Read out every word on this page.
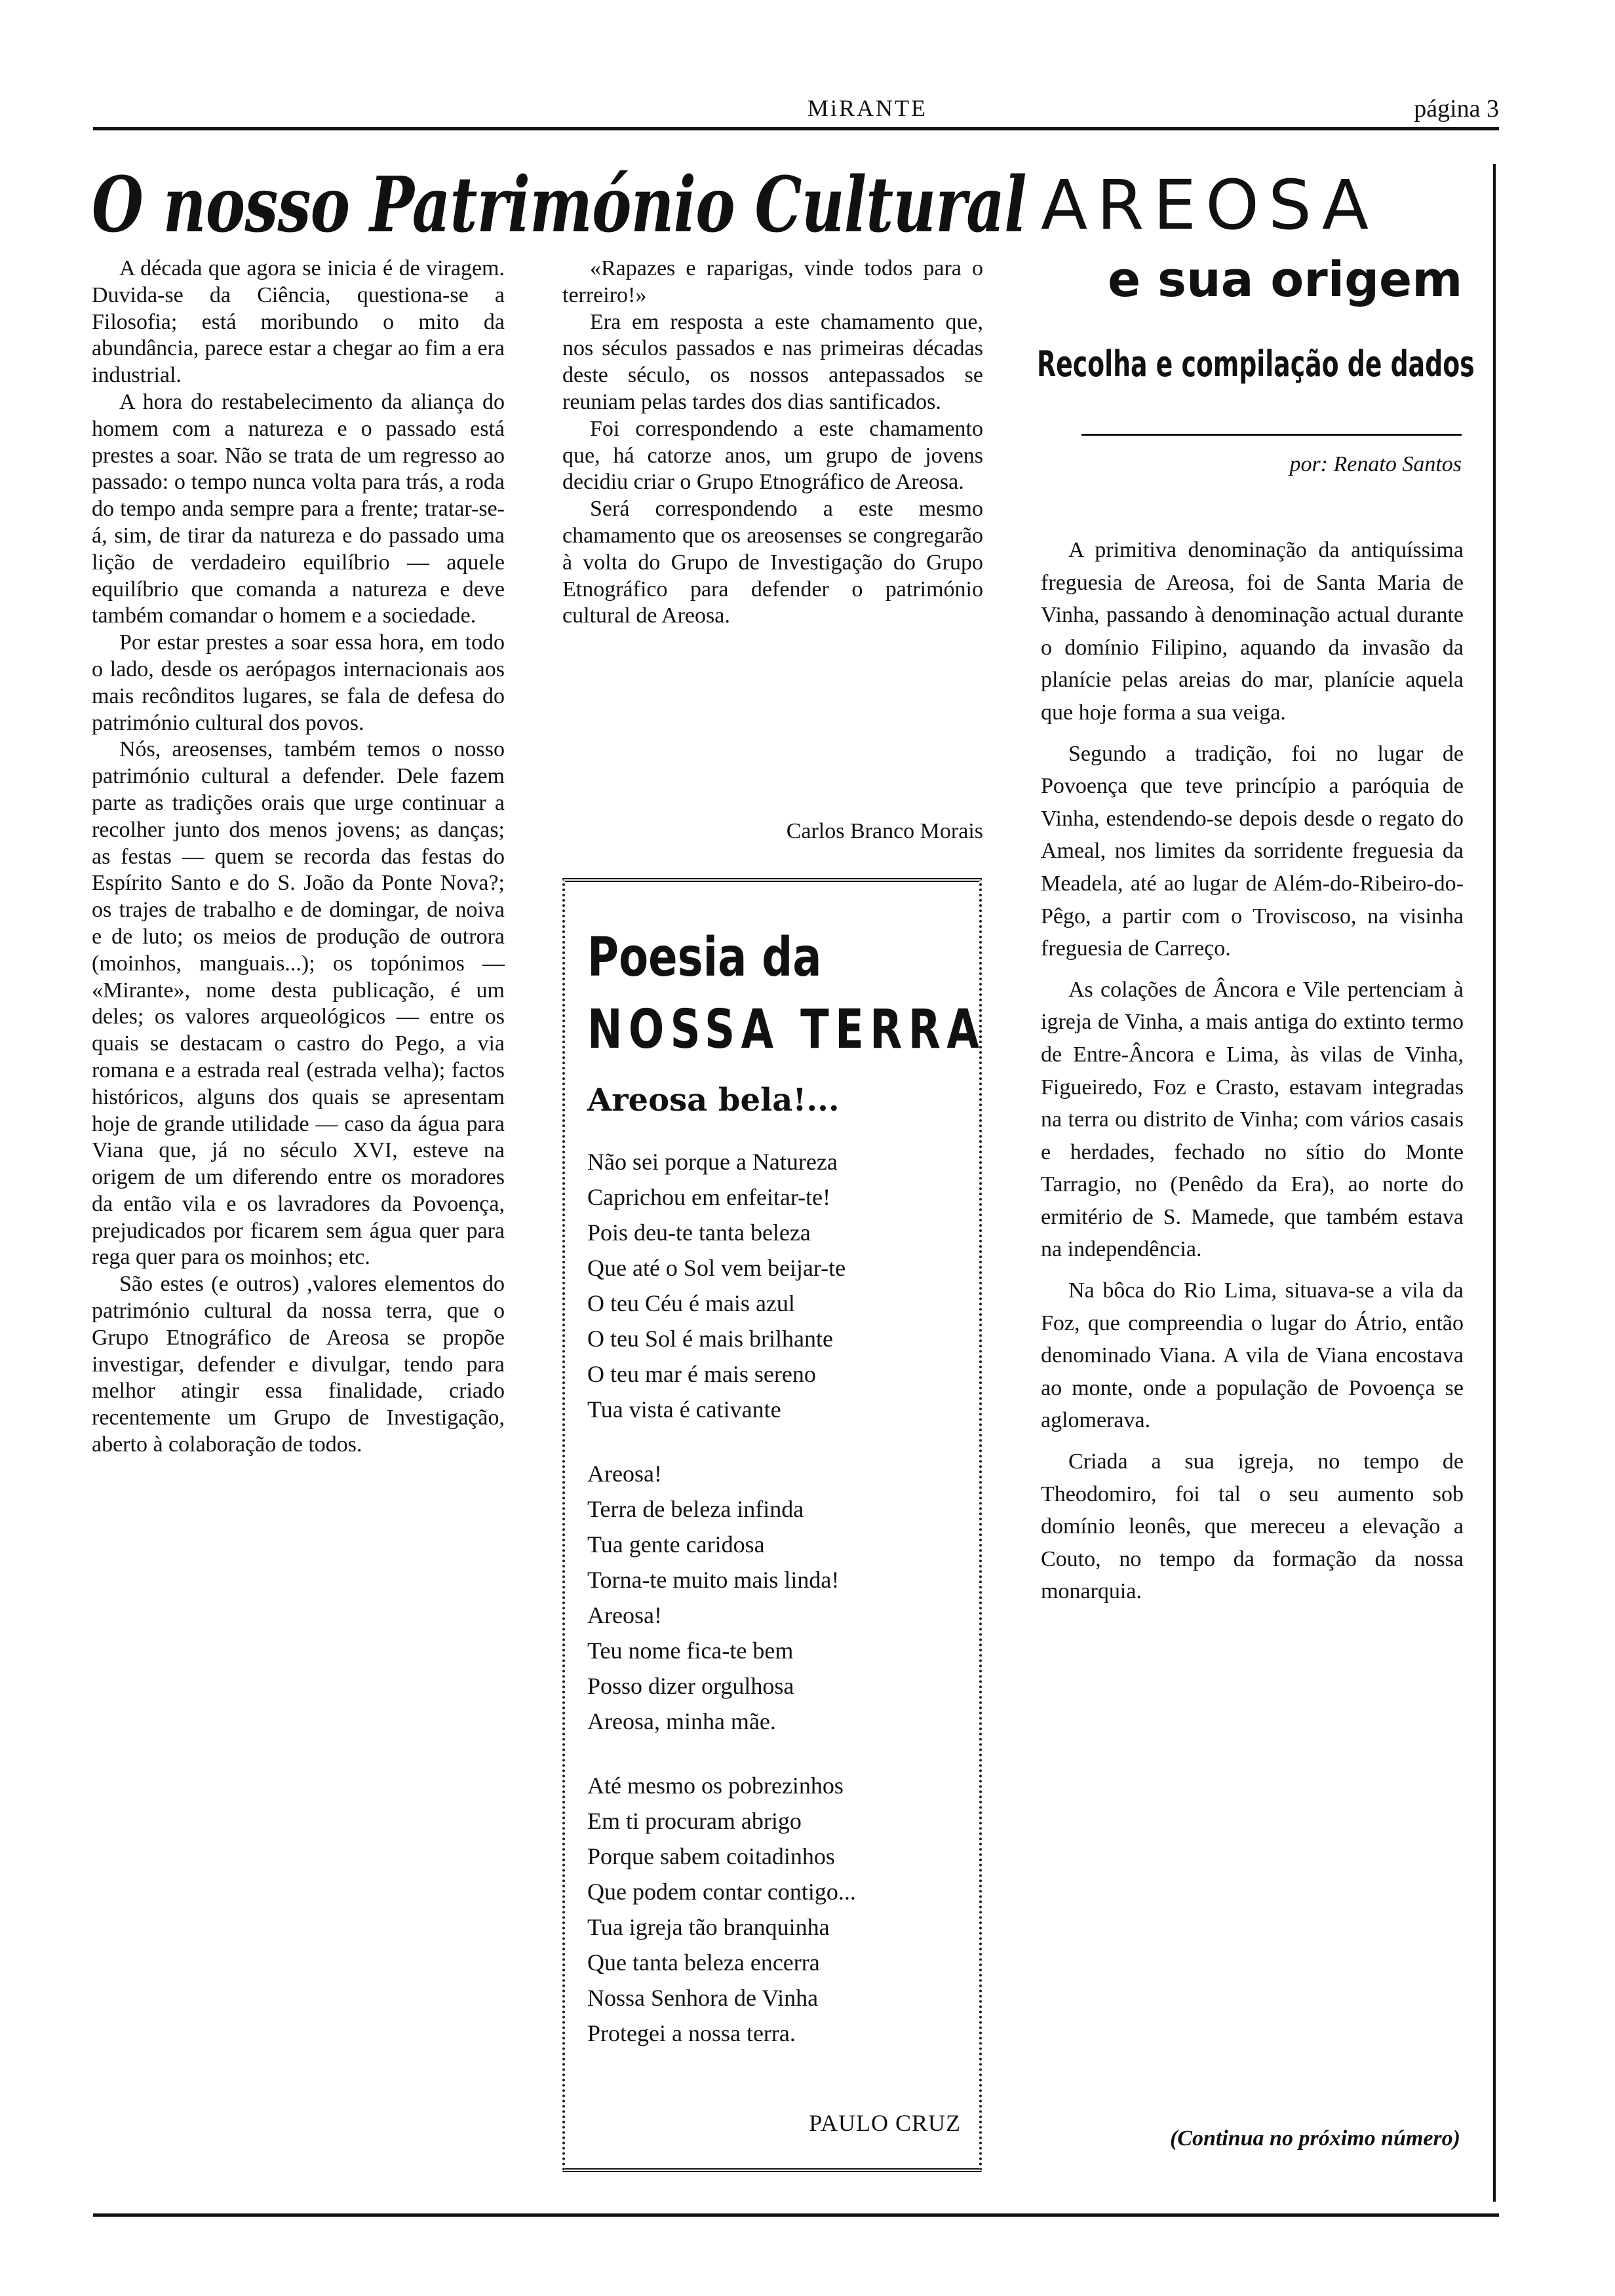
MiRANTE	página 3
O nosso Património Cultural

A década que agora se inicia é de viragem. Duvida-se da Ciência, questiona-se a Filosofia; está moribundo o mito da abundância, parece estar a chegar ao fim a era industrial.

A hora do restabelecimento da aliança do homem com a natureza e o passado está prestes a soar. Não se trata de um regresso ao passado: o tempo nunca volta para trás, a roda do tempo anda sempre para a frente; tratar-se-á, sim, de tirar da natureza e do passado uma lição de verdadeiro equilíbrio — aquele equilíbrio que comanda a natureza e deve também comandar o homem e a sociedade.

Por estar prestes a soar essa hora, em todo o lado, desde os aerópagos internacionais aos mais recônditos lugares, se fala de defesa do património cultural dos povos.

Nós, areosenses, também temos o nosso património cultural a defender. Dele fazem parte as tradições orais que urge continuar a recolher junto dos menos jovens; as danças; as festas — quem se recorda das festas do Espírito Santo e do S. João da Ponte Nova?; os trajes de trabalho e de domingar, de noiva e de luto; os meios de produção de outrora (moinhos, manguais...); os topónimos — «Mirante», nome desta publicação, é um deles; os valores arqueológicos — entre os quais se destacam o castro do Pego, a via romana e a estrada real (estrada velha); factos históricos, alguns dos quais se apresentam hoje de grande utilidade — caso da água para Viana que, já no século XVI, esteve na origem de um diferendo entre os moradores da então vila e os lavradores da Povoença, prejudicados por ficarem sem água quer para rega quer para os moinhos; etc.

São estes (e outros) ,valores elementos do património cultural da nossa terra, que o Grupo Etnográfico de Areosa se propõe investigar, defender e divulgar, tendo para melhor atingir essa finalidade, criado recentemente um Grupo de Investigação, aberto à colaboração de todos.

«Rapazes e raparigas, vinde todos para o terreiro!»

Era em resposta a este chamamento que, nos séculos passados e nas primeiras décadas deste século, os nossos antepassados se reuniam pelas tardes dos dias santificados.

Foi correspondendo a este chamamento que, há catorze anos, um grupo de jovens decidiu criar o Grupo Etnográfico de Areosa.

Será correspondendo a este mesmo chamamento que os areosenses se congregarão à volta do Grupo de Investigação do Grupo Etnográfico para defender o património cultural de Areosa.

Carlos Branco Morais
Poesia da
NOSSA TERRA
Areosa bela!...
Não sei porque a Natureza
Caprichou em enfeitar-te!
Pois deu-te tanta beleza
Que até o Sol vem beijar-te
O teu Céu é mais azul
O teu Sol é mais brilhante
O teu mar é mais sereno
Tua vista é cativante
Areosa!
Terra de beleza infinda
Tua gente caridosa
Torna-te muito mais linda!
Areosa!
Teu nome fica-te bem
Posso dizer orgulhosa
Areosa, minha mãe.
Até mesmo os pobrezinhos
Em ti procuram abrigo
Porque sabem coitadinhos
Que podem contar contigo...
Tua igreja tão branquinha
Que tanta beleza encerra
Nossa Senhora de Vinha
Protegei a nossa terra.
PAULO CRUZ
AREOSA
e sua origem
Recolha e compilação de dados
por: Renato Santos

A primitiva denominação da antiquíssima freguesia de Areosa, foi de Santa Maria de Vinha, passando à denominação actual durante o domínio Filipino, aquando da invasão da planície pelas areias do mar, planície aquela que hoje forma a sua veiga.

Segundo a tradição, foi no lugar de Povoença que teve princípio a paróquia de Vinha, estendendo-se depois desde o regato do Ameal, nos limites da sorridente freguesia da Meadela, até ao lugar de Além-do-Ribeiro-do-Pêgo, a partir com o Troviscoso, na visinha freguesia de Carreço.

As colações de Âncora e Vile pertenciam à igreja de Vinha, a mais antiga do extinto termo de Entre-Âncora e Lima, às vilas de Vinha, Figueiredo, Foz e Crasto, estavam integradas na terra ou distrito de Vinha; com vários casais e herdades, fechado no sítio do Monte Tarragio, no (Penêdo da Era), ao norte do ermitério de S. Mamede, que também estava na independência.

Na bôca do Rio Lima, situava-se a vila da Foz, que compreendia o lugar do Átrio, então denominado Viana. A vila de Viana encostava ao monte, onde a população de Povoença se aglomerava.

Criada a sua igreja, no tempo de Theodomiro, foi tal o seu aumento sob domínio leonês, que mereceu a elevação a Couto, no tempo da formação da nossa monarquia.

(Continua no próximo número)
